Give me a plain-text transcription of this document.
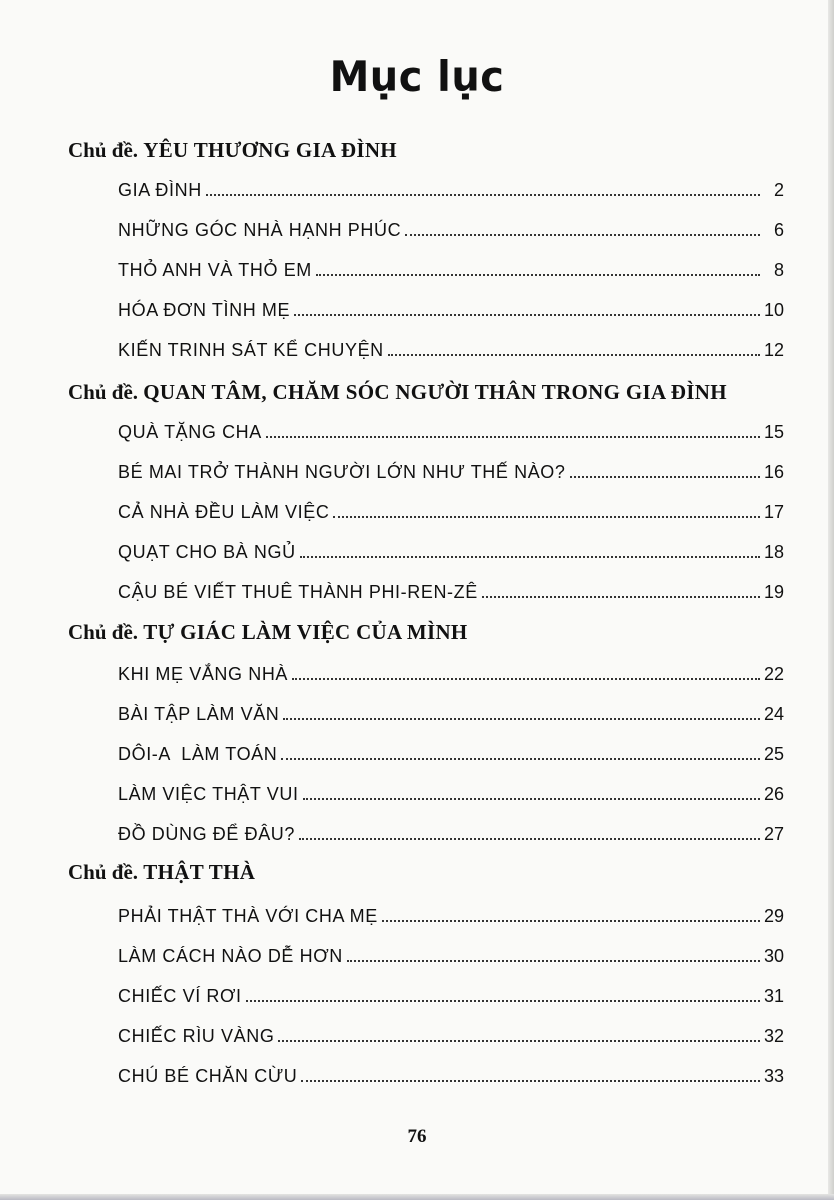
Mục lục
Chủ đề. YÊU THƯƠNG GIA ĐÌNH
GIA ĐÌNH	2
NHỮNG GÓC NHÀ HẠNH PHÚC	6
THỎ ANH VÀ THỎ EM	8
HÓA ĐƠN TÌNH MẸ	10
KIẾN TRINH SÁT KỂ CHUYỆN	12
Chủ đề. QUAN TÂM, CHĂM SÓC NGƯỜI THÂN TRONG GIA ĐÌNH
QUÀ TẶNG CHA	15
BÉ MAI TRỞ THÀNH NGƯỜI LỚN NHƯ THẾ NÀO?	16
CẢ NHÀ ĐỀU LÀM VIỆC	17
QUẠT CHO BÀ NGỦ	18
CẬU BÉ VIẾT THUÊ THÀNH PHI-REN-ZÊ	19
Chủ đề. TỰ GIÁC LÀM VIỆC CỦA MÌNH
KHI MẸ VẮNG NHÀ	22
BÀI TẬP LÀM VĂN	24
DÔI-A  LÀM TOÁN	25
LÀM VIỆC THẬT VUI	26
ĐỒ DÙNG ĐỂ ĐÂU?	27
Chủ đề. THẬT THÀ
PHẢI THẬT THÀ VỚI CHA MẸ	29
LÀM CÁCH NÀO DỄ HƠN	30
CHIẾC VÍ RƠI	31
CHIẾC RÌU VÀNG	32
CHÚ BÉ CHĂN CỪU	33
76
